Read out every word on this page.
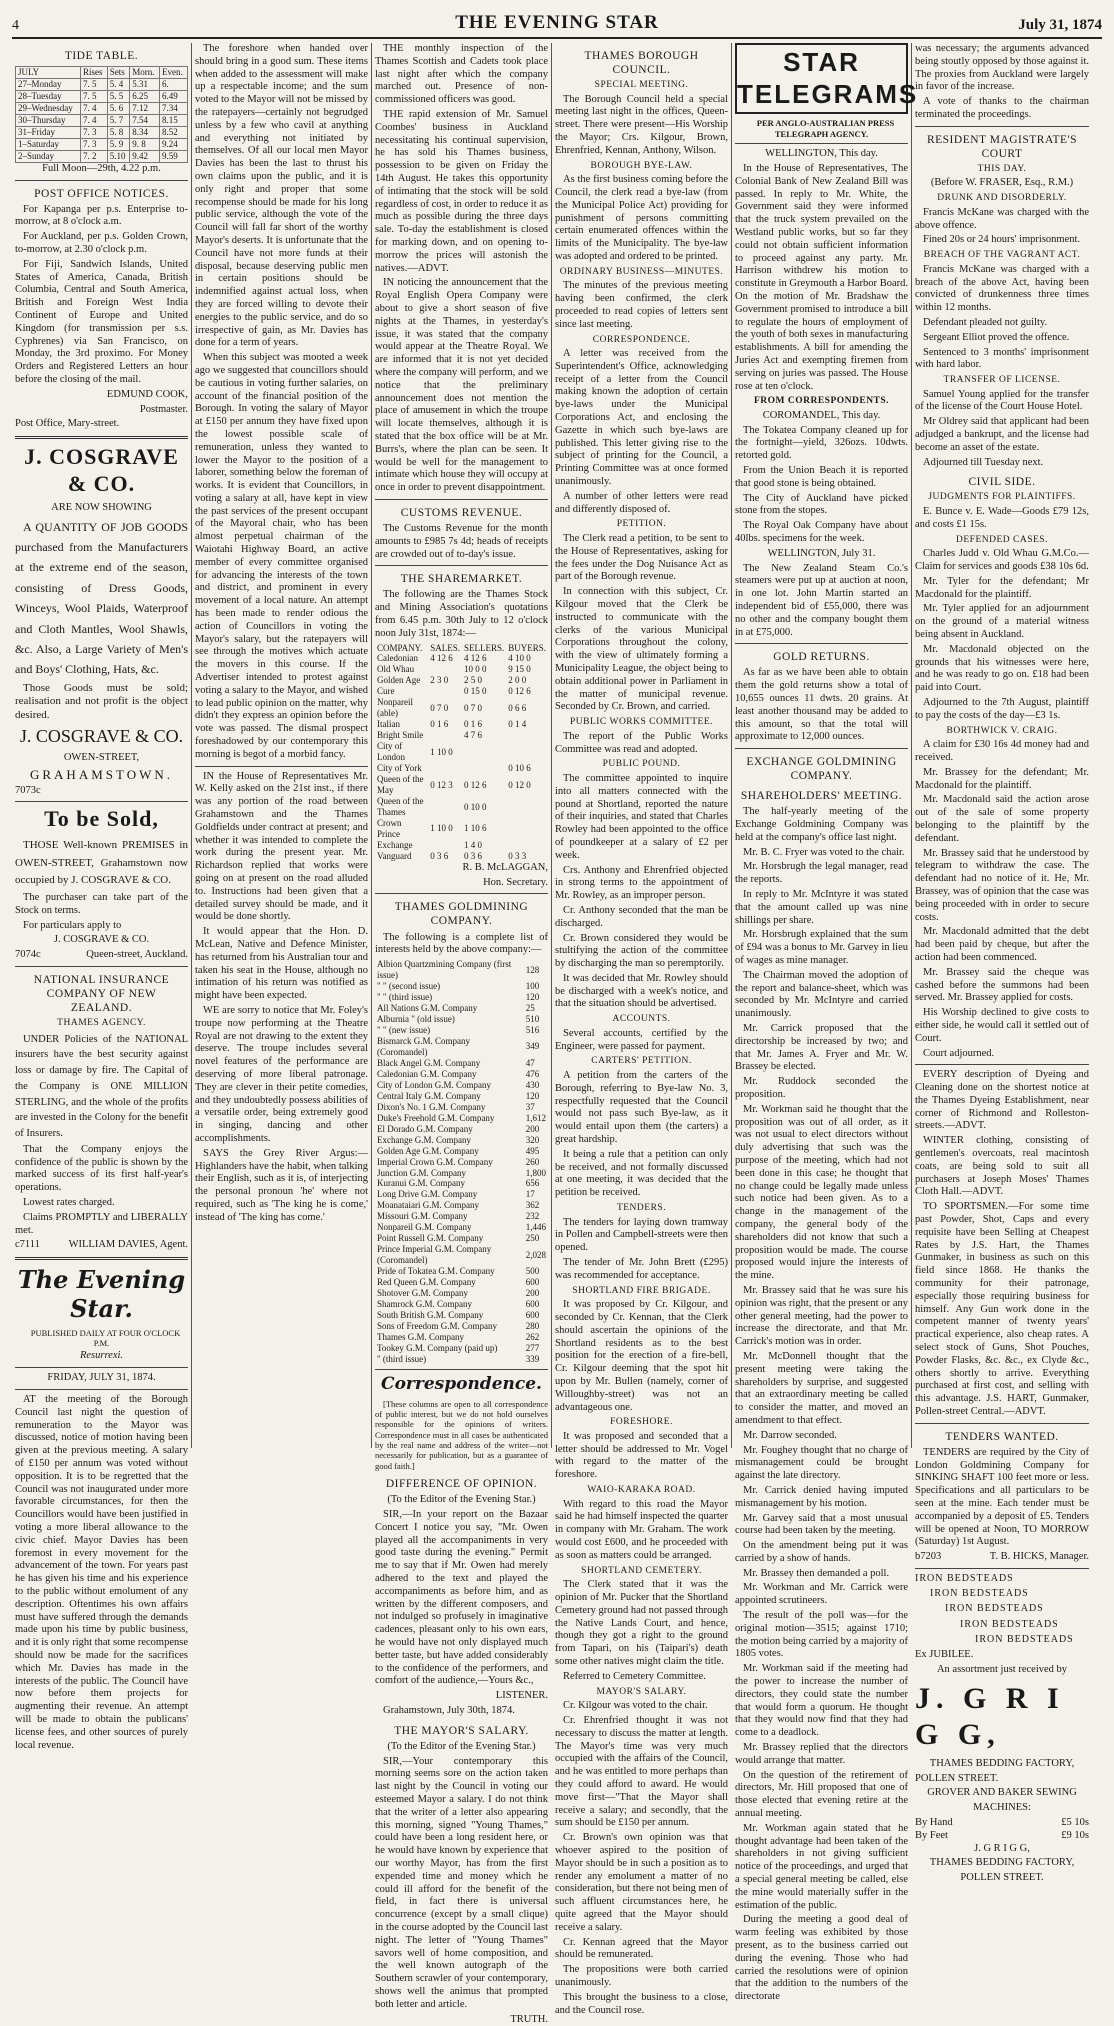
4	THE EVENING STAR	July 31, 1874
TIDE TABLE.
JULY	Rises	Sets	Morn.	Even.
27–Monday	7. 5	5. 4	5.31	6.
28–Tuesday	7. 5	5. 5	6.25	6.49
29–Wednesday	7. 4	5. 6	7.12	7.34
30–Thursday	7. 4	5. 7	7.54	8.15
31–Friday	7. 3	5. 8	8.34	8.52
1–Saturday	7. 3	5. 9	9. 8	9.24
2–Sunday	7. 2	5.10	9.42	9.59

Full Moon—29th, 4.22 p.m.

POST OFFICE NOTICES.

For Kapanga per p.s. Enterprise to-morrow, at 8 o'clock a.m.

For Auckland, per p.s. Golden Crown, to-morrow, at 2.30 o'clock p.m.

For Fiji, Sandwich Islands, United States of America, Canada, British Columbia, Central and South America, British and Foreign West India Continent of Europe and United Kingdom (for transmission per s.s. Cyphrenes) via San Francisco, on Monday, the 3rd proximo. For Money Orders and Registered Letters an hour before the closing of the mail.

EDMUND COOK,

Postmaster.

Post Office, Mary-street.

J. COSGRAVE & CO.

ARE NOW SHOWING

A QUANTITY OF JOB GOODS purchased from the Manufacturers at the extreme end of the season, consisting of Dress Goods, Winceys, Wool Plaids, Waterproof and Cloth Mantles, Wool Shawls, &c. Also, a Large Variety of Men's and Boys' Clothing, Hats, &c.

Those Goods must be sold; realisation and not profit is the object desired.

J. COSGRAVE & CO.

OWEN-STREET,

GRAHAMSTOWN.

7073c

To be Sold,

THOSE Well-known PREMISES in OWEN-STREET, Grahamstown now occupied by J. COSGRAVE & CO.

The purchaser can take part of the Stock on terms.

For particulars apply to

J. COSGRAVE & CO.

7074c	Queen-street, Auckland.
NATIONAL INSURANCE COMPANY OF NEW ZEALAND.
THAMES AGENCY.

UNDER Policies of the NATIONAL insurers have the best security against loss or damage by fire. The Capital of the Company is ONE MILLION STERLING, and the whole of the profits are invested in the Colony for the benefit of Insurers.

That the Company enjoys the confidence of the public is shown by the marked success of its first half-year's operations.

Lowest rates charged.

Claims PROMPTLY and LIBERALLY met.

c7111	WILLIAM DAVIES, Agent.
The Evening Star.

PUBLISHED DAILY AT FOUR O'CLOCK P.M.

Resurrexi.

FRIDAY, JULY 31, 1874.

AT the meeting of the Borough Council last night the question of remuneration to the Mayor was discussed, notice of motion having been given at the previous meeting. A salary of £150 per annum was voted without opposition. It is to be regretted that the Council was not inaugurated under more favorable circumstances, for then the Councillors would have been justified in voting a more liberal allowance to the civic chief. Mayor Davies has been foremost in every movement for the advancement of the town. For years past he has given his time and his experience to the public without emolument of any description. Oftentimes his own affairs must have suffered through the demands made upon his time by public business, and it is only right that some recompense should now be made for the sacrifices which Mr. Davies has made in the interests of the public. The Council have now before them projects for augmenting their revenue. An attempt will be made to obtain the publicans' license fees, and other sources of purely local revenue.

The foreshore when handed over should bring in a good sum. These items when added to the assessment will make up a respectable income; and the sum voted to the Mayor will not be missed by the ratepayers—certainly not begrudged unless by a few who cavil at anything and everything not initiated by themselves. Of all our local men Mayor Davies has been the last to thrust his own claims upon the public, and it is only right and proper that some recompense should be made for his long public service, although the vote of the Council will fall far short of the worthy Mayor's deserts. It is unfortunate that the Council have not more funds at their disposal, because deserving public men in certain positions should be indemnified against actual loss, when they are forced willing to devote their energies to the public service, and do so irrespective of gain, as Mr. Davies has done for a term of years.

When this subject was mooted a week ago we suggested that councillors should be cautious in voting further salaries, on account of the financial position of the Borough. In voting the salary of Mayor at £150 per annum they have fixed upon the lowest possible scale of remuneration, unless they wanted to lower the Mayor to the position of a laborer, something below the foreman of works. It is evident that Councillors, in voting a salary at all, have kept in view the past services of the present occupant of the Mayoral chair, who has been almost perpetual chairman of the Waiotahi Highway Board, an active member of every committee organised for advancing the interests of the town and district, and prominent in every movement of a local nature. An attempt has been made to render odious the action of Councillors in voting the Mayor's salary, but the ratepayers will see through the motives which actuate the movers in this course. If the Advertiser intended to protest against voting a salary to the Mayor, and wished to lead public opinion on the matter, why didn't they express an opinion before the vote was passed. The dismal prospect foreshadowed by our contemporary this morning is begot of a morbid fancy.

IN the House of Representatives Mr. W. Kelly asked on the 21st inst., if there was any portion of the road between Grahamstown and the Thames Goldfields under contract at present; and whether it was intended to complete the work during the present year. Mr. Richardson replied that works were going on at present on the road alluded to. Instructions had been given that a detailed survey should be made, and it would be done shortly.

It would appear that the Hon. D. McLean, Native and Defence Minister, has returned from his Australian tour and taken his seat in the House, although no intimation of his return was notified as might have been expected.

WE are sorry to notice that Mr. Foley's troupe now performing at the Theatre Royal are not drawing to the extent they deserve. The troupe includes several novel features of the performance are deserving of more liberal patronage. They are clever in their petite comedies, and they undoubtedly possess abilities of a versatile order, being extremely good in singing, dancing and other accomplishments.

SAYS the Grey River Argus:—Highlanders have the habit, when talking their English, such as it is, of interjecting the personal pronoun 'he' where not required, such as 'The king he is come,' instead of 'The king has come.'

THE monthly inspection of the Thames Scottish and Cadets took place last night after which the company marched out. Presence of non-commissioned officers was good.

THE rapid extension of Mr. Samuel Coombes' business in Auckland necessitating his continual supervision, he has sold his Thames business, possession to be given on Friday the 14th August. He takes this opportunity of intimating that the stock will be sold regardless of cost, in order to reduce it as much as possible during the three days sale. To-day the establishment is closed for marking down, and on opening to-morrow the prices will astonish the natives.—ADVT.

IN noticing the announcement that the Royal English Opera Company were about to give a short season of five nights at the Thames, in yesterday's issue, it was stated that the company would appear at the Theatre Royal. We are informed that it is not yet decided where the company will perform, and we notice that the preliminary announcement does not mention the place of amusement in which the troupe will locate themselves, although it is stated that the box office will be at Mr. Burrs's, where the plan can be seen. It would be well for the management to intimate which house they will occupy at once in order to prevent disappointment.

CUSTOMS REVENUE.

The Customs Revenue for the month amounts to £985 7s 4d; heads of receipts are crowded out of to-day's issue.

THE SHAREMARKET.

The following are the Thames Stock and Mining Association's quotations from 6.45 p.m. 30th July to 12 o'clock noon July 31st, 1874:—

COMPANY.	SALES.	SELLERS.	BUYERS.
Caledonian	4 12 6	4 12 6	4 10 0
Old Whau		10 0 0	9 15 0
Golden Age	2 3 0	2 5 0	2 0 0
Cure		0 15 0	0 12 6
Nonpareil (able)	0 7 0	0 7 0	0 6 6
Italian	0 1 6	0 1 6	0 1 4
Bright Smile		4 7 6	
City of London	1 10 0		
City of York			0 10 6
Queen of the May	0 12 3	0 12 6	0 12 0
Queen of the Thames		0 10 0	
Crown Prince	1 10 0	1 10 6	
Exchange		1 4 0	
Vanguard	0 3 6	0 3 6	0 3 3

R. B. McLAGGAN,

Hon. Secretary.

THAMES GOLDMINING COMPANY.

The following is a complete list of interests held by the above company:—

Albion Quartzmining Company (first issue)	128
" " (second issue)	100
" " (third issue)	120
All Nations G.M. Company	25
Alburnia " (old issue)	510
" " (new issue)	516
Bismarck G.M. Company (Coromandel)	349
Black Angel G.M. Company	47
Caledonian G.M. Company	476
City of London G.M. Company	430
Central Italy G.M. Company	120
Dixon's No. 1 G.M. Company	37
Duke's Freehold G.M. Company	1,612
El Dorado G.M. Company	200
Exchange G.M. Company	320
Golden Age G.M. Company	495
Imperial Crown G.M. Company	260
Junction G.M. Company	1,800
Kuranui G.M. Company	656
Long Drive G.M. Company	17
Moanataiari G.M. Company	362
Missouri G.M. Company	232
Nonpareil G.M. Company	1,446
Point Russell G.M. Company	250
Prince Imperial G.M. Company (Coromandel)	2,028
Pride of Tokatea G.M. Company	500
Red Queen G.M. Company	600
Shotover G.M. Company	200
Shamrock G.M. Company	600
South British G.M. Company	600
Sons of Freedom G.M. Company	280
Thames G.M. Company	262
Tookey G.M. Company (paid up)	277
" (third issue)	339
Correspondence.

[These columns are open to all correspondence of public interest, but we do not hold ourselves responsible for the opinions of writers. Correspondence must in all cases be authenticated by the real name and address of the writer—not necessarily for publication, but as a guarantee of good faith.]

DIFFERENCE OF OPINION.

(To the Editor of the Evening Star.)

SIR,—In your report on the Bazaar Concert I notice you say, "Mr. Owen played all the accompaniments in very good taste during the evening." Permit me to say that if Mr. Owen had merely adhered to the text and played the accompaniments as before him, and as written by the different composers, and not indulged so profusely in imaginative cadences, pleasant only to his own ears, he would have not only displayed much better taste, but have added considerably to the confidence of the performers, and comfort of the audience,—Yours &c.,

LISTENER.

Grahamstown, July 30th, 1874.

THE MAYOR'S SALARY.

(To the Editor of the Evening Star.)

SIR,—Your contemporary this morning seems sore on the action taken last night by the Council in voting our esteemed Mayor a salary. I do not think that the writer of a letter also appearing this morning, signed "Young Thames," could have been a long resident here, or he would have known by experience that our worthy Mayor, has from the first expended time and money which he could ill afford for the benefit of the field, in fact there is universal concurrence (except by a small clique) in the course adopted by the Council last night. The letter of "Young Thames" savors well of home composition, and the well known autograph of the Southern scrawler of your contemporary, shows well the animus that prompted both letter and article.

TRUTH.

THAMES BOROUGH COUNCIL.
SPECIAL MEETING.

The Borough Council held a special meeting last night in the offices, Queen-street. There were present—His Worship the Mayor; Crs. Kilgour, Brown, Ehrenfried, Kennan, Anthony, Wilson.

BOROUGH BYE-LAW.

As the first business coming before the Council, the clerk read a bye-law (from the Municipal Police Act) providing for punishment of persons committing certain enumerated offences within the limits of the Municipality. The bye-law was adopted and ordered to be printed.

ORDINARY BUSINESS—MINUTES.

The minutes of the previous meeting having been confirmed, the clerk proceeded to read copies of letters sent since last meeting.

CORRESPONDENCE.

A letter was received from the Superintendent's Office, acknowledging receipt of a letter from the Council making known the adoption of certain bye-laws under the Municipal Corporations Act, and enclosing the Gazette in which such bye-laws are published. This letter giving rise to the subject of printing for the Council, a Printing Committee was at once formed unanimously.

A number of other letters were read and differently disposed of.

PETITION.

The Clerk read a petition, to be sent to the House of Representatives, asking for the fees under the Dog Nuisance Act as part of the Borough revenue.

In connection with this subject, Cr. Kilgour moved that the Clerk be instructed to communicate with the clerks of the various Municipal Corporations throughout the colony, with the view of ultimately forming a Municipality League, the object being to obtain additional power in Parliament in the matter of municipal revenue. Seconded by Cr. Brown, and carried.

PUBLIC WORKS COMMITTEE.

The report of the Public Works Committee was read and adopted.

PUBLIC POUND.

The committee appointed to inquire into all matters connected with the pound at Shortland, reported the nature of their inquiries, and stated that Charles Rowley had been appointed to the office of poundkeeper at a salary of £2 per week.

Crs. Anthony and Ehrenfried objected in strong terms to the appointment of Mr. Rowley, as an improper person.

Cr. Anthony seconded that the man be discharged.

Cr. Brown considered they would be stultifying the action of the committee by discharging the man so peremptorily.

It was decided that Mr. Rowley should be discharged with a week's notice, and that the situation should be advertised.

ACCOUNTS.

Several accounts, certified by the Engineer, were passed for payment.

CARTERS' PETITION.

A petition from the carters of the Borough, referring to Bye-law No. 3, respectfully requested that the Council would not pass such Bye-law, as it would entail upon them (the carters) a great hardship.

It being a rule that a petition can only be received, and not formally discussed at one meeting, it was decided that the petition be received.

TENDERS.

The tenders for laying down tramway in Pollen and Campbell-streets were then opened.

The tender of Mr. John Brett (£295) was recommended for acceptance.

SHORTLAND FIRE BRIGADE.

It was proposed by Cr. Kilgour, and seconded by Cr. Kennan, that the Clerk should ascertain the opinions of the Shortland residents as to the best position for the erection of a fire-bell, Cr. Kilgour deeming that the spot hit upon by Mr. Bullen (namely, corner of Willoughby-street) was not an advantageous one.

FORESHORE.

It was proposed and seconded that a letter should be addressed to Mr. Vogel with regard to the matter of the foreshore.

WAIO-KARAKA ROAD.

With regard to this road the Mayor said he had himself inspected the quarter in company with Mr. Graham. The work would cost £600, and he proceeded with as soon as matters could be arranged.

SHORTLAND CEMETERY.

The Clerk stated that it was the opinion of Mr. Pucker that the Shortland Cemetery ground had not passed through the Native Lands Court, and hence, though they got a right to the ground from Tapari, on his (Taipari's) death some other natives might claim the title.

Referred to Cemetery Committee.

MAYOR'S SALARY.

Cr. Kilgour was voted to the chair.

Cr. Ehrenfried thought it was not necessary to discuss the matter at length. The Mayor's time was very much occupied with the affairs of the Council, and he was entitled to more perhaps than they could afford to award. He would move first—"That the Mayor shall receive a salary; and secondly, that the sum should be £150 per annum.

Cr. Brown's own opinion was that whoever aspired to the position of Mayor should be in such a position as to render any emolument a matter of no consideration, but there not being men of such affluent circumstances here, he quite agreed that the Mayor should receive a salary.

Cr. Kennan agreed that the Mayor should be remunerated.

The propositions were both carried unanimously.

This brought the business to a close, and the Council rose.

STAR TELEGRAMS

PER ANGLO-AUSTRALIAN PRESS TELEGRAPH AGENCY.

WELLINGTON, This day.

In the House of Representatives, The Colonial Bank of New Zealand Bill was passed. In reply to Mr. White, the Government said they were informed that the truck system prevailed on the Westland public works, but so far they could not obtain sufficient information to proceed against any party. Mr. Harrison withdrew his motion to constitute in Greymouth a Harbor Board. On the motion of Mr. Bradshaw the Government promised to introduce a bill to regulate the hours of employment of the youth of both sexes in manufacturing establishments. A bill for amending the Juries Act and exempting firemen from serving on juries was passed. The House rose at ten o'clock.

FROM CORRESPONDENTS.

COROMANDEL, This day.

The Tokatea Company cleaned up for the fortnight—yield, 326ozs. 10dwts. retorted gold.

From the Union Beach it is reported that good stone is being obtained.

The City of Auckland have picked stone from the stopes.

The Royal Oak Company have about 40lbs. specimens for the week.

WELLINGTON, July 31.

The New Zealand Steam Co.'s steamers were put up at auction at noon, in one lot. John Martin started an independent bid of £55,000, there was no other and the company bought them in at £75,000.

GOLD RETURNS.

As far as we have been able to obtain them the gold returns show a total of 10,655 ounces 11 dwts. 20 grains. At least another thousand may be added to this amount, so that the total will approximate to 12,000 ounces.

EXCHANGE GOLDMINING COMPANY.
SHAREHOLDERS' MEETING.

The half-yearly meeting of the Exchange Goldmining Company was held at the company's office last night.

Mr. B. C. Fryer was voted to the chair.

Mr. Horsbrugh the legal manager, read the reports.

In reply to Mr. McIntyre it was stated that the amount called up was nine shillings per share.

Mr. Horsbrugh explained that the sum of £94 was a bonus to Mr. Garvey in lieu of wages as mine manager.

The Chairman moved the adoption of the report and balance-sheet, which was seconded by Mr. McIntyre and carried unanimously.

Mr. Carrick proposed that the directorship be increased by two; and that Mr. James A. Fryer and Mr. W. Brassey be elected.

Mr. Ruddock seconded the proposition.

Mr. Workman said he thought that the proposition was out of all order, as it was not usual to elect directors without duly advertising that such was the purpose of the meeting, which had not been done in this case; he thought that no change could be legally made unless such notice had been given. As to a change in the management of the company, the general body of the shareholders did not know that such a proposition would be made. The course proposed would injure the interests of the mine.

Mr. Brassey said that he was sure his opinion was right, that the present or any other general meeting, had the power to increase the directorate, and that Mr. Carrick's motion was in order.

Mr. McDonnell thought that the present meeting were taking the shareholders by surprise, and suggested that an extraordinary meeting be called to consider the matter, and moved an amendment to that effect.

Mr. Darrow seconded.

Mr. Foughey thought that no charge of mismanagement could be brought against the late directory.

Mr. Carrick denied having imputed mismanagement by his motion.

Mr. Garvey said that a most unusual course had been taken by the meeting.

On the amendment being put it was carried by a show of hands.

Mr. Brassey then demanded a poll.

Mr. Workman and Mr. Carrick were appointed scrutineers.

The result of the poll was—for the original motion—3515; against 1710; the motion being carried by a majority of 1805 votes.

Mr. Workman said if the meeting had the power to increase the number of directors, they could state the number that would form a quorum. He thought that they would now find that they had come to a deadlock.

Mr. Brassey replied that the directors would arrange that matter.

On the question of the retirement of directors, Mr. Hill proposed that one of those elected that evening retire at the annual meeting.

Mr. Workman again stated that he thought advantage had been taken of the shareholders in not giving sufficient notice of the proceedings, and urged that a special general meeting be called, else the mine would materially suffer in the estimation of the public.

During the meeting a good deal of warm feeling was exhibited by those present, as to the business carried out during the evening. Those who had carried the resolutions were of opinion that the addition to the numbers of the directorate

was necessary; the arguments advanced being stoutly opposed by those against it. The proxies from Auckland were largely in favor of the increase.

A vote of thanks to the chairman terminated the proceedings.

RESIDENT MAGISTRATE'S COURT
THIS DAY.

(Before W. FRASER, Esq., R.M.)

DRUNK AND DISORDERLY.

Francis McKane was charged with the above offence.

Fined 20s or 24 hours' imprisonment.

BREACH OF THE VAGRANT ACT.

Francis McKane was charged with a breach of the above Act, having been convicted of drunkenness three times within 12 months.

Defendant pleaded not guilty.

Sergeant Elliot proved the offence.

Sentenced to 3 months' imprisonment with hard labor.

TRANSFER OF LICENSE.

Samuel Young applied for the transfer of the license of the Court House Hotel.

Mr Oldrey said that applicant had been adjudged a bankrupt, and the license had become an asset of the estate.

Adjourned till Tuesday next.

CIVIL SIDE.
JUDGMENTS FOR PLAINTIFFS.

E. Bunce v. E. Wade—Goods £79 12s, and costs £1 15s.

DEFENDED CASES.

Charles Judd v. Old Whau G.M.Co.—Claim for services and goods £38 10s 6d.

Mr. Tyler for the defendant; Mr Macdonald for the plaintiff.

Mr. Tyler applied for an adjournment on the ground of a material witness being absent in Auckland.

Mr. Macdonald objected on the grounds that his witnesses were here, and he was ready to go on. £18 had been paid into Court.

Adjourned to the 7th August, plaintiff to pay the costs of the day—£3 1s.

BORTHWICK V. CRAIG.

A claim for £30 16s 4d money had and received.

Mr. Brassey for the defendant; Mr. Macdonald for the plaintiff.

Mr. Macdonald said the action arose out of the sale of some property belonging to the plaintiff by the defendant.

Mr. Brassey said that he understood by telegram to withdraw the case. The defendant had no notice of it. He, Mr. Brassey, was of opinion that the case was being proceeded with in order to secure costs.

Mr. Macdonald admitted that the debt had been paid by cheque, but after the action had been commenced.

Mr. Brassey said the cheque was cashed before the summons had been served. Mr. Brassey applied for costs.

His Worship declined to give costs to either side, he would call it settled out of Court.

Court adjourned.

EVERY description of Dyeing and Cleaning done on the shortest notice at the Thames Dyeing Establishment, near corner of Richmond and Rolleston-streets.—ADVT.

WINTER clothing, consisting of gentlemen's overcoats, real macintosh coats, are being sold to suit all purchasers at Joseph Moses' Thames Cloth Hall.—ADVT.

TO SPORTSMEN.—For some time past Powder, Shot, Caps and every requisite have been Selling at Cheapest Rates by J.S. Hart, the Thames Gunmaker, in business as such on this field since 1868. He thanks the community for their patronage, especially those requiring business for himself. Any Gun work done in the competent manner of twenty years' practical experience, also cheap rates. A select stock of Guns, Shot Pouches, Powder Flasks, &c. &c., ex Clyde &c., others shortly to arrive. Everything purchased at first cost, and selling with this advantage. J.S. HART, Gunmaker, Pollen-street Central.—ADVT.

TENDERS WANTED.

TENDERS are required by the City of London Goldmining Company for SINKING SHAFT 100 feet more or less. Specifications and all particulars to be seen at the mine. Each tender must be accompanied by a deposit of £5. Tenders will be opened at Noon, TO MORROW (Saturday) 1st August.

b7203	T. B. HICKS, Manager.
IRON BEDSTEADS
IRON BEDSTEADS
IRON BEDSTEADS
IRON BEDSTEADS
IRON BEDSTEADS

Ex JUBILEE.

An assortment just received by

J. G R I G G,

THAMES BEDDING FACTORY,

POLLEN STREET.

GROVER AND BAKER SEWING

MACHINES:

By Hand	£5 10s
By Feet	£9 10s

J. G R I G G,

THAMES BEDDING FACTORY,

POLLEN STREET.
